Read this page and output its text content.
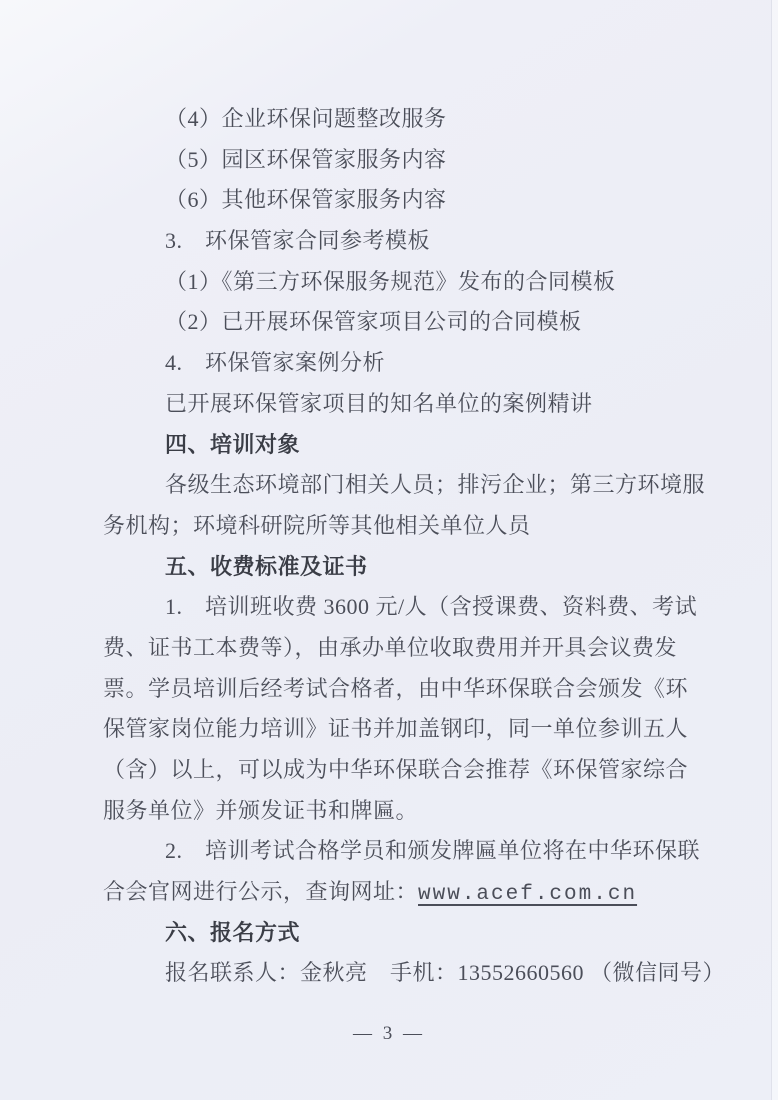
（4）企业环保问题整改服务
（5）园区环保管家服务内容
（6）其他环保管家服务内容
3.　环保管家合同参考模板
（1）《第三方环保服务规范》发布的合同模板
（2）已开展环保管家项目公司的合同模板
4.　环保管家案例分析
已开展环保管家项目的知名单位的案例精讲
四、培训对象
各级生态环境部门相关人员；排污企业；第三方环境服
务机构；环境科研院所等其他相关单位人员
五、收费标准及证书
1.　培训班收费 3600 元/人（含授课费、资料费、考试
费、证书工本费等），由承办单位收取费用并开具会议费发
票。学员培训后经考试合格者，由中华环保联合会颁发《环
保管家岗位能力培训》证书并加盖钢印，同一单位参训五人
（含）以上，可以成为中华环保联合会推荐《环保管家综合
服务单位》并颁发证书和牌匾。
2.　培训考试合格学员和颁发牌匾单位将在中华环保联
合会官网进行公示，查询网址：www.acef.com.cn
六、报名方式
报名联系人：金秋亮　手机：13552660560 （微信同号）
— 3 —
